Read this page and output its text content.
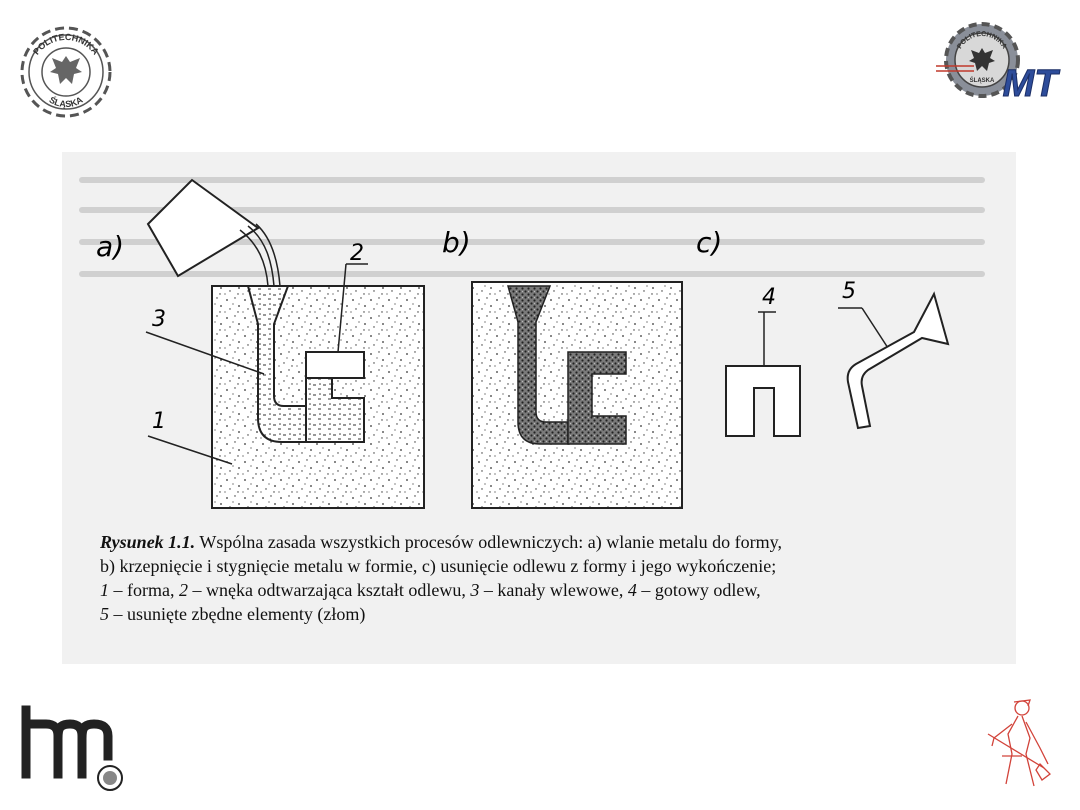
POLITECHNIKA
ŚLĄSKA
POLITECHNIKA
ŚLĄSKA MT
a)	2
3
1
b)	c)
4	5
Rysunek 1.1. Wspólna zasada wszystkich procesów odlewniczych: a) wlanie metalu do formy,
b) krzepnięcie i stygnięcie metalu w formie, c) usunięcie odlewu z formy i jego wykończenie;
1 – forma, 2 – wnęka odtwarzająca kształt odlewu, 3 – kanały wlewowe, 4 – gotowy odlew,
5 – usunięte zbędne elementy (złom)
